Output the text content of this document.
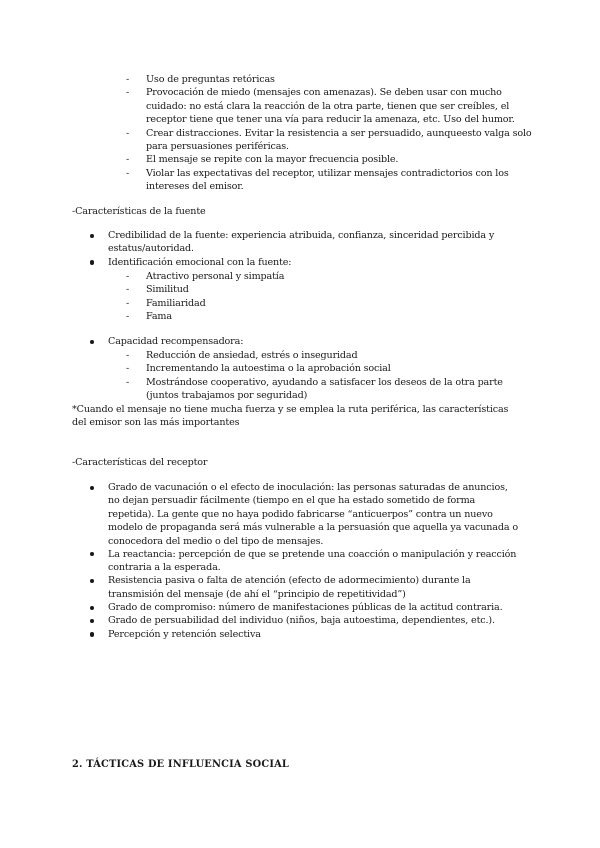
- Uso de preguntas retóricas
- Provocación de miedo (mensajes con amenazas). Se deben usar con mucho cuidado: no está clara la reacción de la otra parte, tienen que ser creíbles, el receptor tiene que tener una vía para reducir la amenaza, etc. Uso del humor.
- Crear distracciones. Evitar la resistencia a ser persuadido, aunqueesto valga solo para persuasiones periféricas.
- El mensaje se repite con la mayor frecuencia posible.
- Violar las expectativas del receptor, utilizar mensajes contradictorios con los intereses del emisor.
-Características de la fuente
Credibilidad de la fuente: experiencia atribuida, confianza, sinceridad percibida y estatus/autoridad.
Identificación emocional con la fuente:
- Atractivo personal y simpatía
- Similitud
- Familiaridad
- Fama
Capacidad recompensadora:
- Reducción de ansiedad, estrés o inseguridad
- Incrementando la autoestima o la aprobación social
- Mostrándose cooperativo, ayudando a satisfacer los deseos de la otra parte (juntos trabajamos por seguridad)
*Cuando el mensaje no tiene mucha fuerza y se emplea la ruta periférica, las características del emisor son las más importantes
-Características del receptor
Grado de vacunación o el efecto de inoculación: las personas saturadas de anuncios, no dejan persuadir fácilmente (tiempo en el que ha estado sometido de forma repetida). La gente que no haya podido fabricarse “anticuerpos” contra un nuevo modelo de propaganda será más vulnerable a la persuasión que aquella ya vacunada o conocedora del medio o del tipo de mensajes.
La reactancia: percepción de que se pretende una coacción o manipulación y reacción contraria a la esperada.
Resistencia pasiva o falta de atención (efecto de adormecimiento) durante la transmisión del mensaje (de ahí el “principio de repetitividad”)
Grado de compromiso: número de manifestaciones públicas de la actitud contraria.
Grado de persuabilidad del individuo (niños, baja autoestima, dependientes, etc.).
Percepción y retención selectiva
2. TÁCTICAS DE INFLUENCIA SOCIAL
